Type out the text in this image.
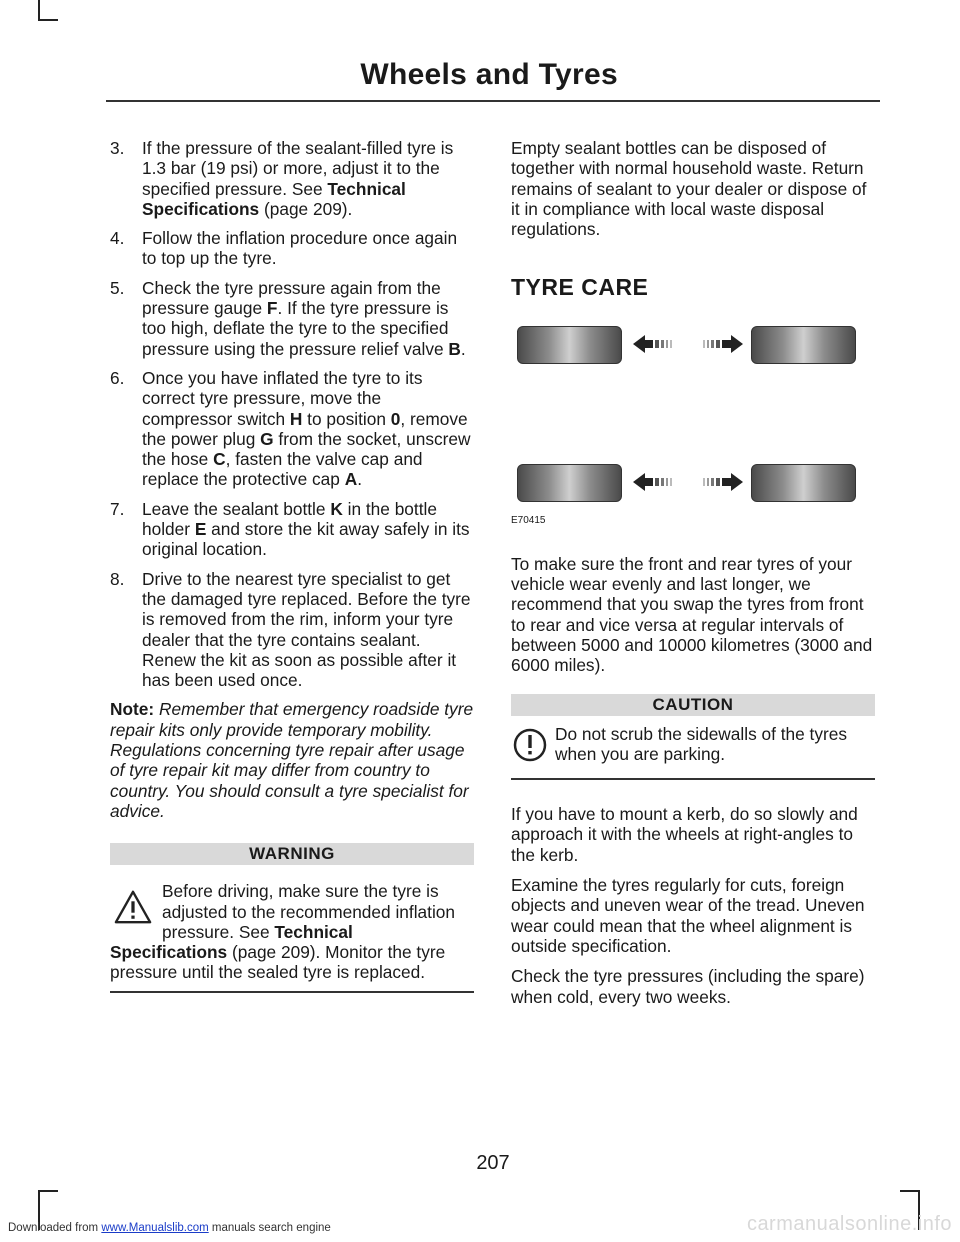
Wheels and Tyres
3. If the pressure of the sealant-filled tyre is 1.3 bar (19 psi) or more, adjust it to the specified pressure. See Technical Specifications (page 209).
4. Follow the inflation procedure once again to top up the tyre.
5. Check the tyre pressure again from the pressure gauge F. If the tyre pressure is too high, deflate the tyre to the specified pressure using the pressure relief valve B.
6. Once you have inflated the tyre to its correct tyre pressure, move the compressor switch H to position 0, remove the power plug G from the socket, unscrew the hose C, fasten the valve cap and replace the protective cap A.
7. Leave the sealant bottle K in the bottle holder E and store the kit away safely in its original location.
8. Drive to the nearest tyre specialist to get the damaged tyre replaced. Before the tyre is removed from the rim, inform your tyre dealer that the tyre contains sealant. Renew the kit as soon as possible after it has been used once.
Note: Remember that emergency roadside tyre repair kits only provide temporary mobility. Regulations concerning tyre repair after usage of tyre repair kit may differ from country to country. You should consult a tyre specialist for advice.
WARNING
Before driving, make sure the tyre is adjusted to the recommended inflation pressure. See Technical Specifications (page 209). Monitor the tyre pressure until the sealed tyre is replaced.

Empty sealant bottles can be disposed of together with normal household waste. Return remains of sealant to your dealer or dispose of it in compliance with local waste disposal regulations.

TYRE CARE
E70415

To make sure the front and rear tyres of your vehicle wear evenly and last longer, we recommend that you swap the tyres from front to rear and vice versa at regular intervals of between 5000 and 10000 kilometres (3000 and 6000 miles).

CAUTION
Do not scrub the sidewalls of the tyres when you are parking.

If you have to mount a kerb, do so slowly and approach it with the wheels at right-angles to the kerb.

Examine the tyres regularly for cuts, foreign objects and uneven wear of the tread. Uneven wear could mean that the wheel alignment is outside specification.

Check the tyre pressures (including the spare) when cold, every two weeks.

207
Downloaded from www.Manualslib.com manuals search engine	carmanualsonline.info
